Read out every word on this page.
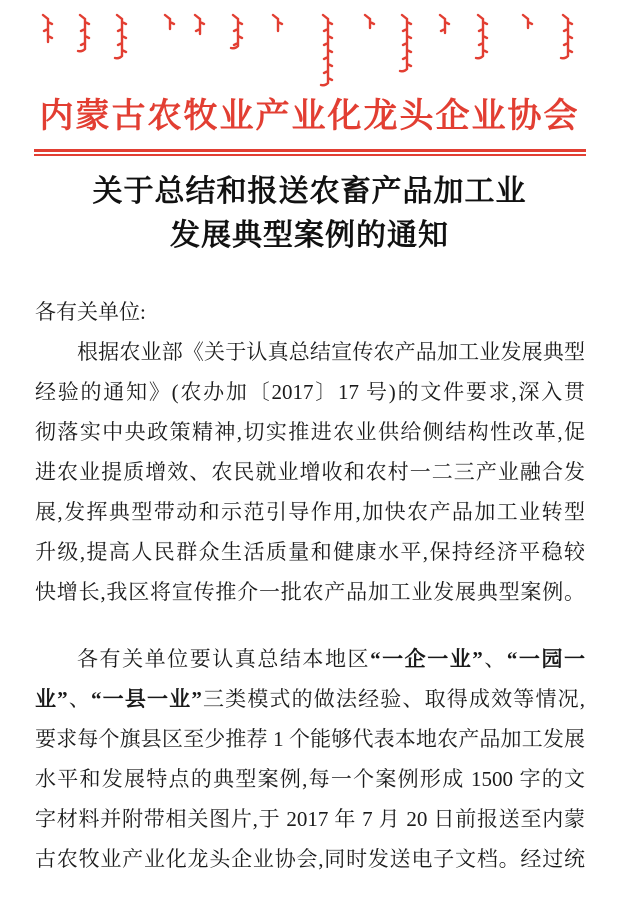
内蒙古农牧业产业化龙头企业协会
关于总结和报送农畜产品加工业
发展典型案例的通知
各有关单位:
根据农业部《关于认真总结宣传农产品加工业发展典型
经验的通知》(农办加〔2017〕17 号)的文件要求,深入贯
彻落实中央政策精神,切实推进农业供给侧结构性改革,促
进农业提质增效、农民就业增收和农村一二三产业融合发
展,发挥典型带动和示范引导作用,加快农产品加工业转型
升级,提高人民群众生活质量和健康水平,保持经济平稳较
快增长,我区将宣传推介一批农产品加工业发展典型案例。
各有关单位要认真总结本地区“一企一业”、“一园一
业”、“一县一业”三类模式的做法经验、取得成效等情况,
要求每个旗县区至少推荐 1 个能够代表本地农产品加工发展
水平和发展特点的典型案例,每一个案例形成 1500 字的文
字材料并附带相关图片,于 2017 年 7 月 20 日前报送至内蒙
古农牧业产业化龙头企业协会,同时发送电子文档。经过统
